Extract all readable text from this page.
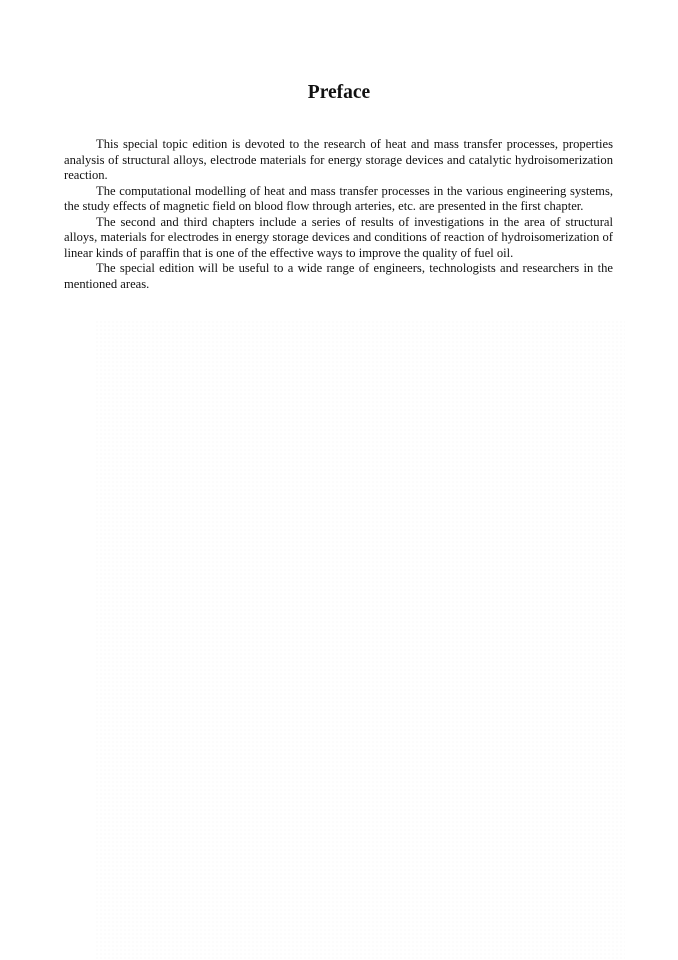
Preface

This special topic edition is devoted to the research of heat and mass transfer processes, properties analysis of structural alloys, electrode materials for energy storage devices and catalytic hydroisomerization reaction.

The computational modelling of heat and mass transfer processes in the various engineering systems, the study effects of magnetic field on blood flow through arteries, etc. are presented in the first chapter.

The second and third chapters include a series of results of investigations in the area of structural alloys, materials for electrodes in energy storage devices and conditions of reaction of hydroisomerization of linear kinds of paraffin that is one of the effective ways to improve the quality of fuel oil.

The special edition will be useful to a wide range of engineers, technologists and researchers in the mentioned areas.
